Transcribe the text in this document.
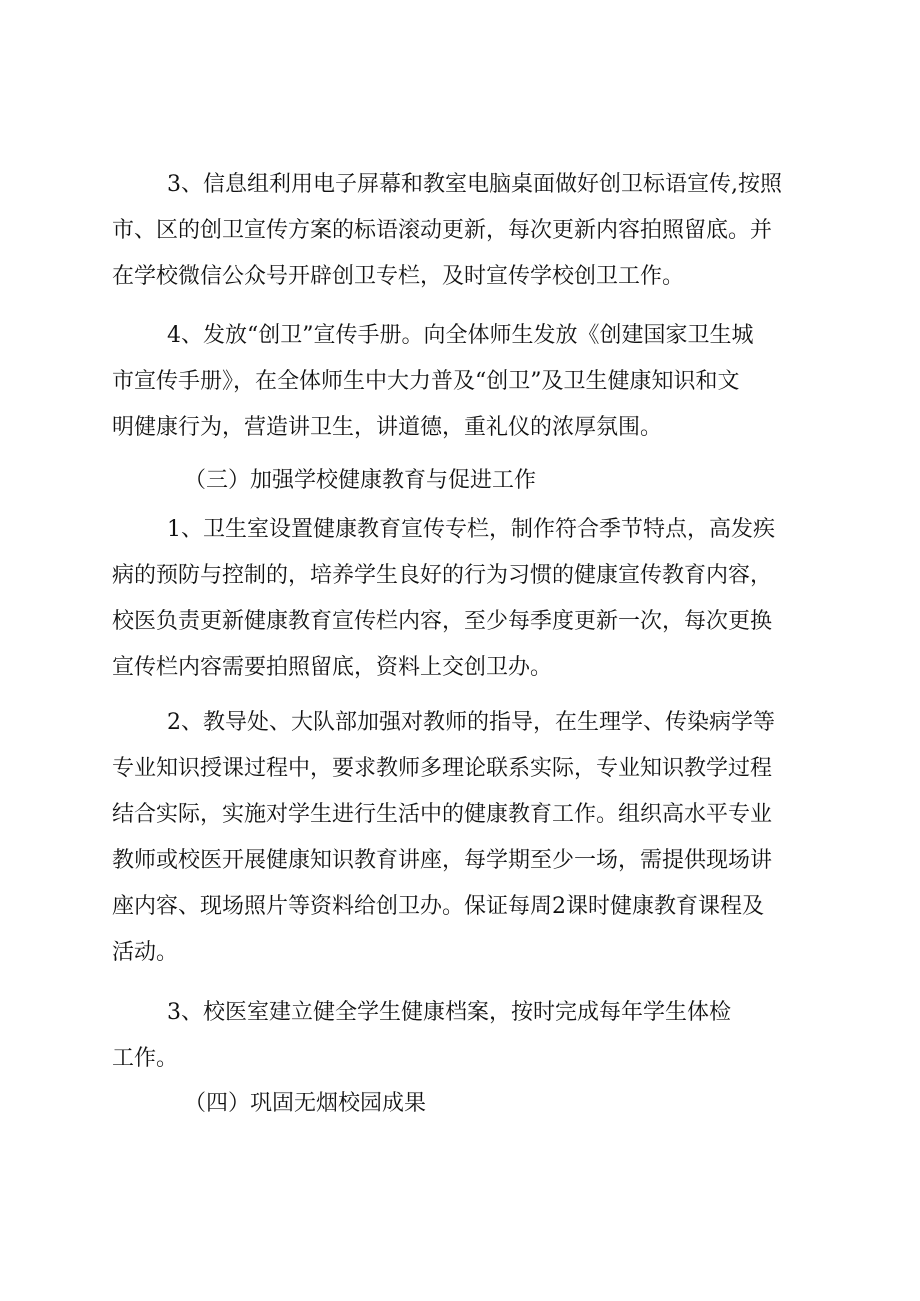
3、信息组利用电子屏幕和教室电脑桌面做好创卫标语宣传,按照
市、区的创卫宣传方案的标语滚动更新，每次更新内容拍照留底。并
在学校微信公众号开辟创卫专栏，及时宣传学校创卫工作。
4、发放“创卫”宣传手册。向全体师生发放《创建国家卫生城
市宣传手册》，在全体师生中大力普及“创卫”及卫生健康知识和文
明健康行为，营造讲卫生，讲道德，重礼仪的浓厚氛围。
（三）加强学校健康教育与促进工作
1、卫生室设置健康教育宣传专栏，制作符合季节特点，高发疾
病的预防与控制的，培养学生良好的行为习惯的健康宣传教育内容，
校医负责更新健康教育宣传栏内容，至少每季度更新一次，每次更换
宣传栏内容需要拍照留底，资料上交创卫办。
2、教导处、大队部加强对教师的指导，在生理学、传染病学等
专业知识授课过程中，要求教师多理论联系实际，专业知识教学过程
结合实际，实施对学生进行生活中的健康教育工作。组织高水平专业
教师或校医开展健康知识教育讲座，每学期至少一场，需提供现场讲
座内容、现场照片等资料给创卫办。保证每周2课时健康教育课程及
活动。
3、校医室建立健全学生健康档案，按时完成每年学生体检
工作。
（四）巩固无烟校园成果
